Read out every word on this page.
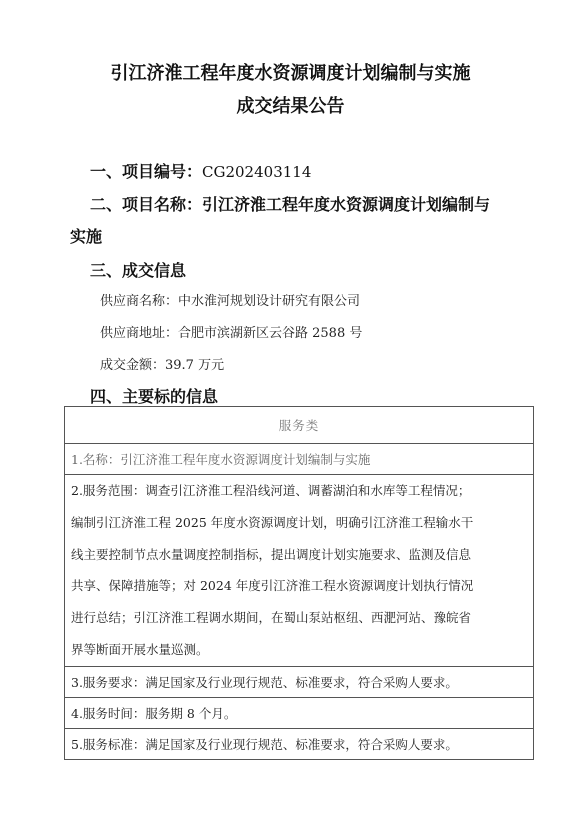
引江济淮工程年度水资源调度计划编制与实施
成交结果公告
一、项目编号：CG202403114
二、项目名称：引江济淮工程年度水资源调度计划编制与
实施
三、成交信息
供应商名称：中水淮河规划设计研究有限公司
供应商地址：合肥市滨湖新区云谷路 2588 号
成交金额：39.7 万元
四、主要标的信息
服务类
1.名称：引江济淮工程年度水资源调度计划编制与实施

2.服务范围：调查引江济淮工程沿线河道、调蓄湖泊和水库等工程情况；
编制引江济淮工程 2025 年度水资源调度计划，明确引江济淮工程输水干
线主要控制节点水量调度控制指标，提出调度计划实施要求、监测及信息
共享、保障措施等；对 2024 年度引江济淮工程水资源调度计划执行情况
进行总结；引江济淮工程调水期间，在蜀山泵站枢纽、西淝河站、豫皖省
界等断面开展水量巡测。

3.服务要求：满足国家及行业现行规范、标准要求，符合采购人要求。
4.服务时间：服务期 8 个月。
5.服务标准：满足国家及行业现行规范、标准要求，符合采购人要求。
